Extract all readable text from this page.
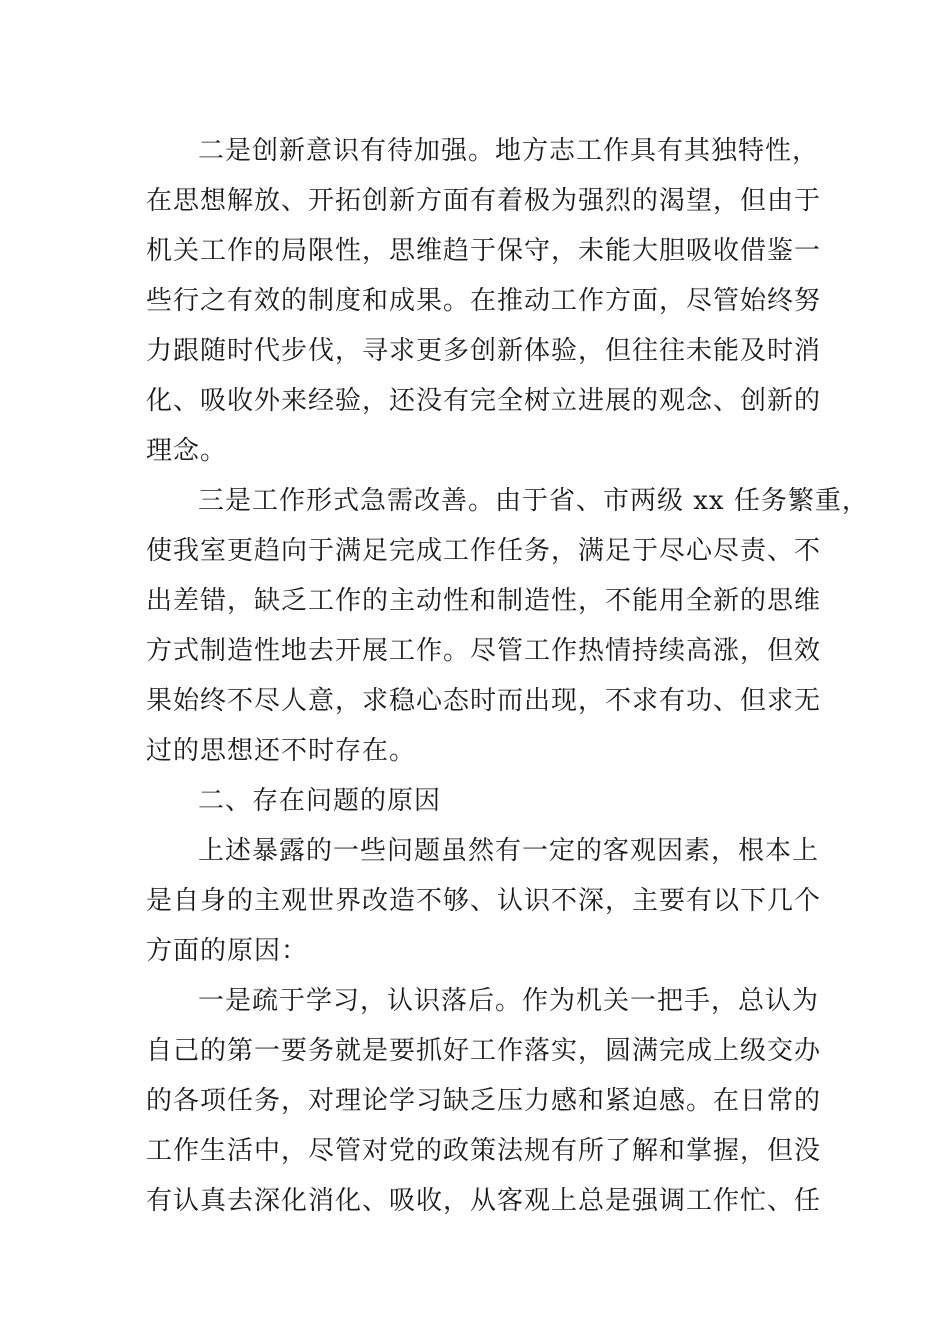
二是创新意识有待加强。地方志工作具有其独特性，
在思想解放、开拓创新方面有着极为强烈的渴望，但由于
机关工作的局限性，思维趋于保守，未能大胆吸收借鉴一
些行之有效的制度和成果。在推动工作方面，尽管始终努
力跟随时代步伐，寻求更多创新体验，但往往未能及时消
化、吸收外来经验，还没有完全树立进展的观念、创新的
理念。
三是工作形式急需改善。由于省、市两级 xx 任务繁重，
使我室更趋向于满足完成工作任务，满足于尽心尽责、不
出差错，缺乏工作的主动性和制造性，不能用全新的思维
方式制造性地去开展工作。尽管工作热情持续高涨，但效
果始终不尽人意，求稳心态时而出现，不求有功、但求无
过的思想还不时存在。
二、存在问题的原因
上述暴露的一些问题虽然有一定的客观因素，根本上
是自身的主观世界改造不够、认识不深，主要有以下几个
方面的原因：
一是疏于学习，认识落后。作为机关一把手，总认为
自己的第一要务就是要抓好工作落实，圆满完成上级交办
的各项任务，对理论学习缺乏压力感和紧迫感。在日常的
工作生活中，尽管对党的政策法规有所了解和掌握，但没
有认真去深化消化、吸收，从客观上总是强调工作忙、任
